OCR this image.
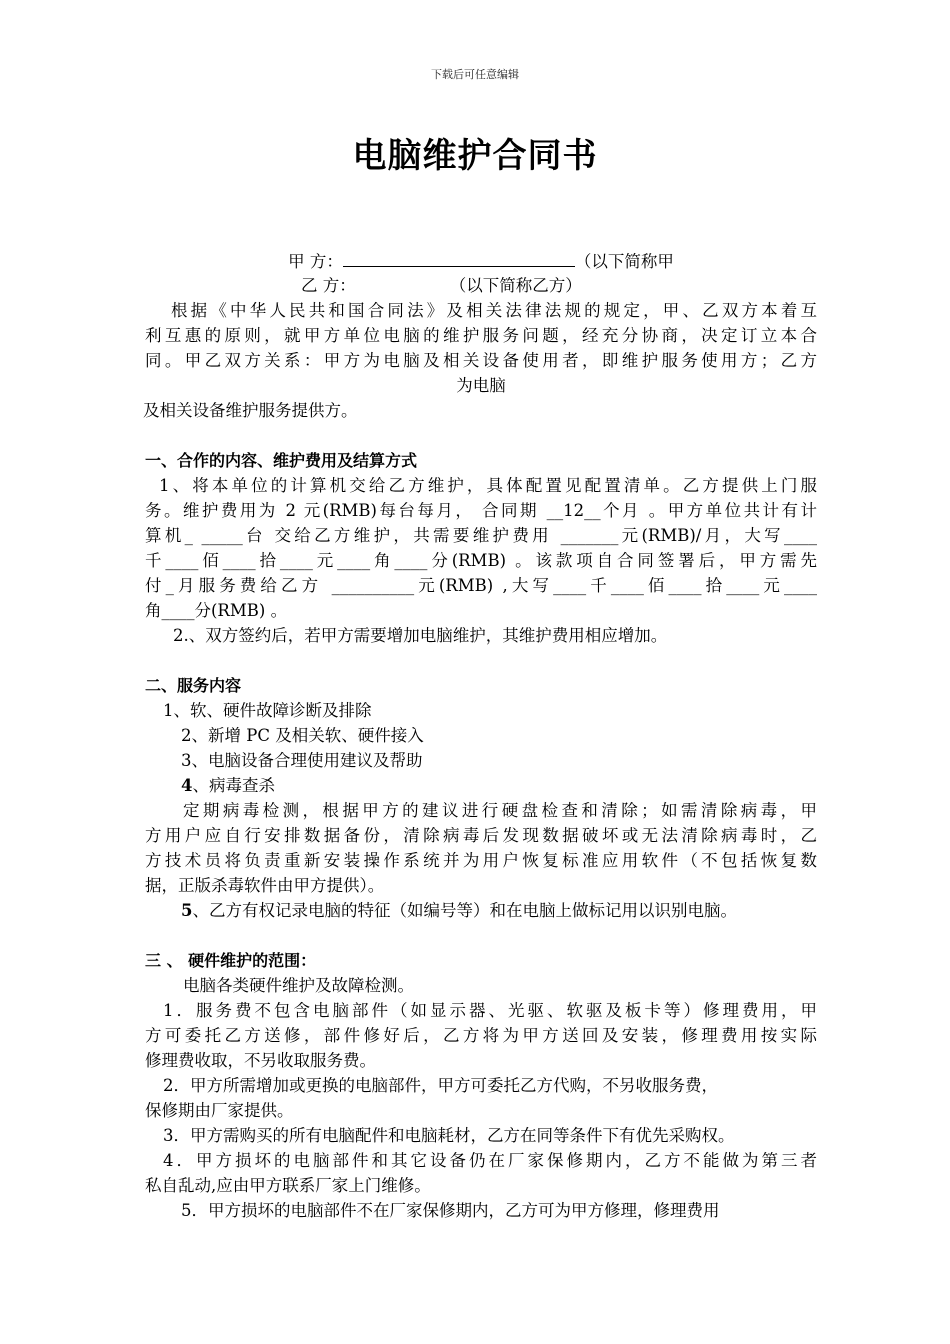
下载后可任意编辑
电脑维护合同书
甲 方：	（以下简称甲
乙 方：	（以下简称乙方）
根据《中华人民共和国合同法》及相关法律法规的规定，甲、乙双方本着互
利互惠的原则，就甲方单位电脑的维护服务问题，经充分协商，决定订立本合
同。甲乙双方关系：甲方为电脑及相关设备使用者，即维护服务使用方；乙方
为电脑
及相关设备维护服务提供方。
一、合作的内容、维护费用及结算方式
1、将本单位的计算机交给乙方维护，具体配置见配置清单。乙方提供上门服
务。维护费用为 2 元(RMB)每台每月， 合同期 __12__个月 。甲方单位共计有计
算机_ _____台 交给乙方维护，共需要维护费用 _______元(RMB)/月，大写____
千____佰____拾____元____角____分(RMB) 。该款项自合同签署后，甲方需先
付_月服务费给乙方 __________元(RMB) ,大写____千____佰____拾____元____
角____分(RMB) 。
2.、双方签约后，若甲方需要增加电脑维护，其维护费用相应增加。
二、服务内容
1、软、硬件故障诊断及排除
2、新增 PC 及相关软、硬件接入
3、电脑设备合理使用建议及帮助
4、病毒查杀
定期病毒检测，根据甲方的建议进行硬盘检查和清除；如需清除病毒，甲
方用户应自行安排数据备份，清除病毒后发现数据破坏或无法清除病毒时，乙
方技术员将负责重新安装操作系统并为用户恢复标准应用软件（不包括恢复数
据，正版杀毒软件由甲方提供）。
5、乙方有权记录电脑的特征（如编号等）和在电脑上做标记用以识别电脑。
三 、 硬件维护的范围：
电脑各类硬件维护及故障检测。
1．服务费不包含电脑部件（如显示器、光驱、软驱及板卡等）修理费用，甲
方可委托乙方送修，部件修好后，乙方将为甲方送回及安装，修理费用按实际
修理费收取，不另收取服务费。
2．甲方所需增加或更换的电脑部件，甲方可委托乙方代购，不另收服务费，
保修期由厂家提供。
3．甲方需购买的所有电脑配件和电脑耗材，乙方在同等条件下有优先采购权。
4．甲方损坏的电脑部件和其它设备仍在厂家保修期内，乙方不能做为第三者
私自乱动,应由甲方联系厂家上门维修。
5．甲方损坏的电脑部件不在厂家保修期内，乙方可为甲方修理，修理费用
